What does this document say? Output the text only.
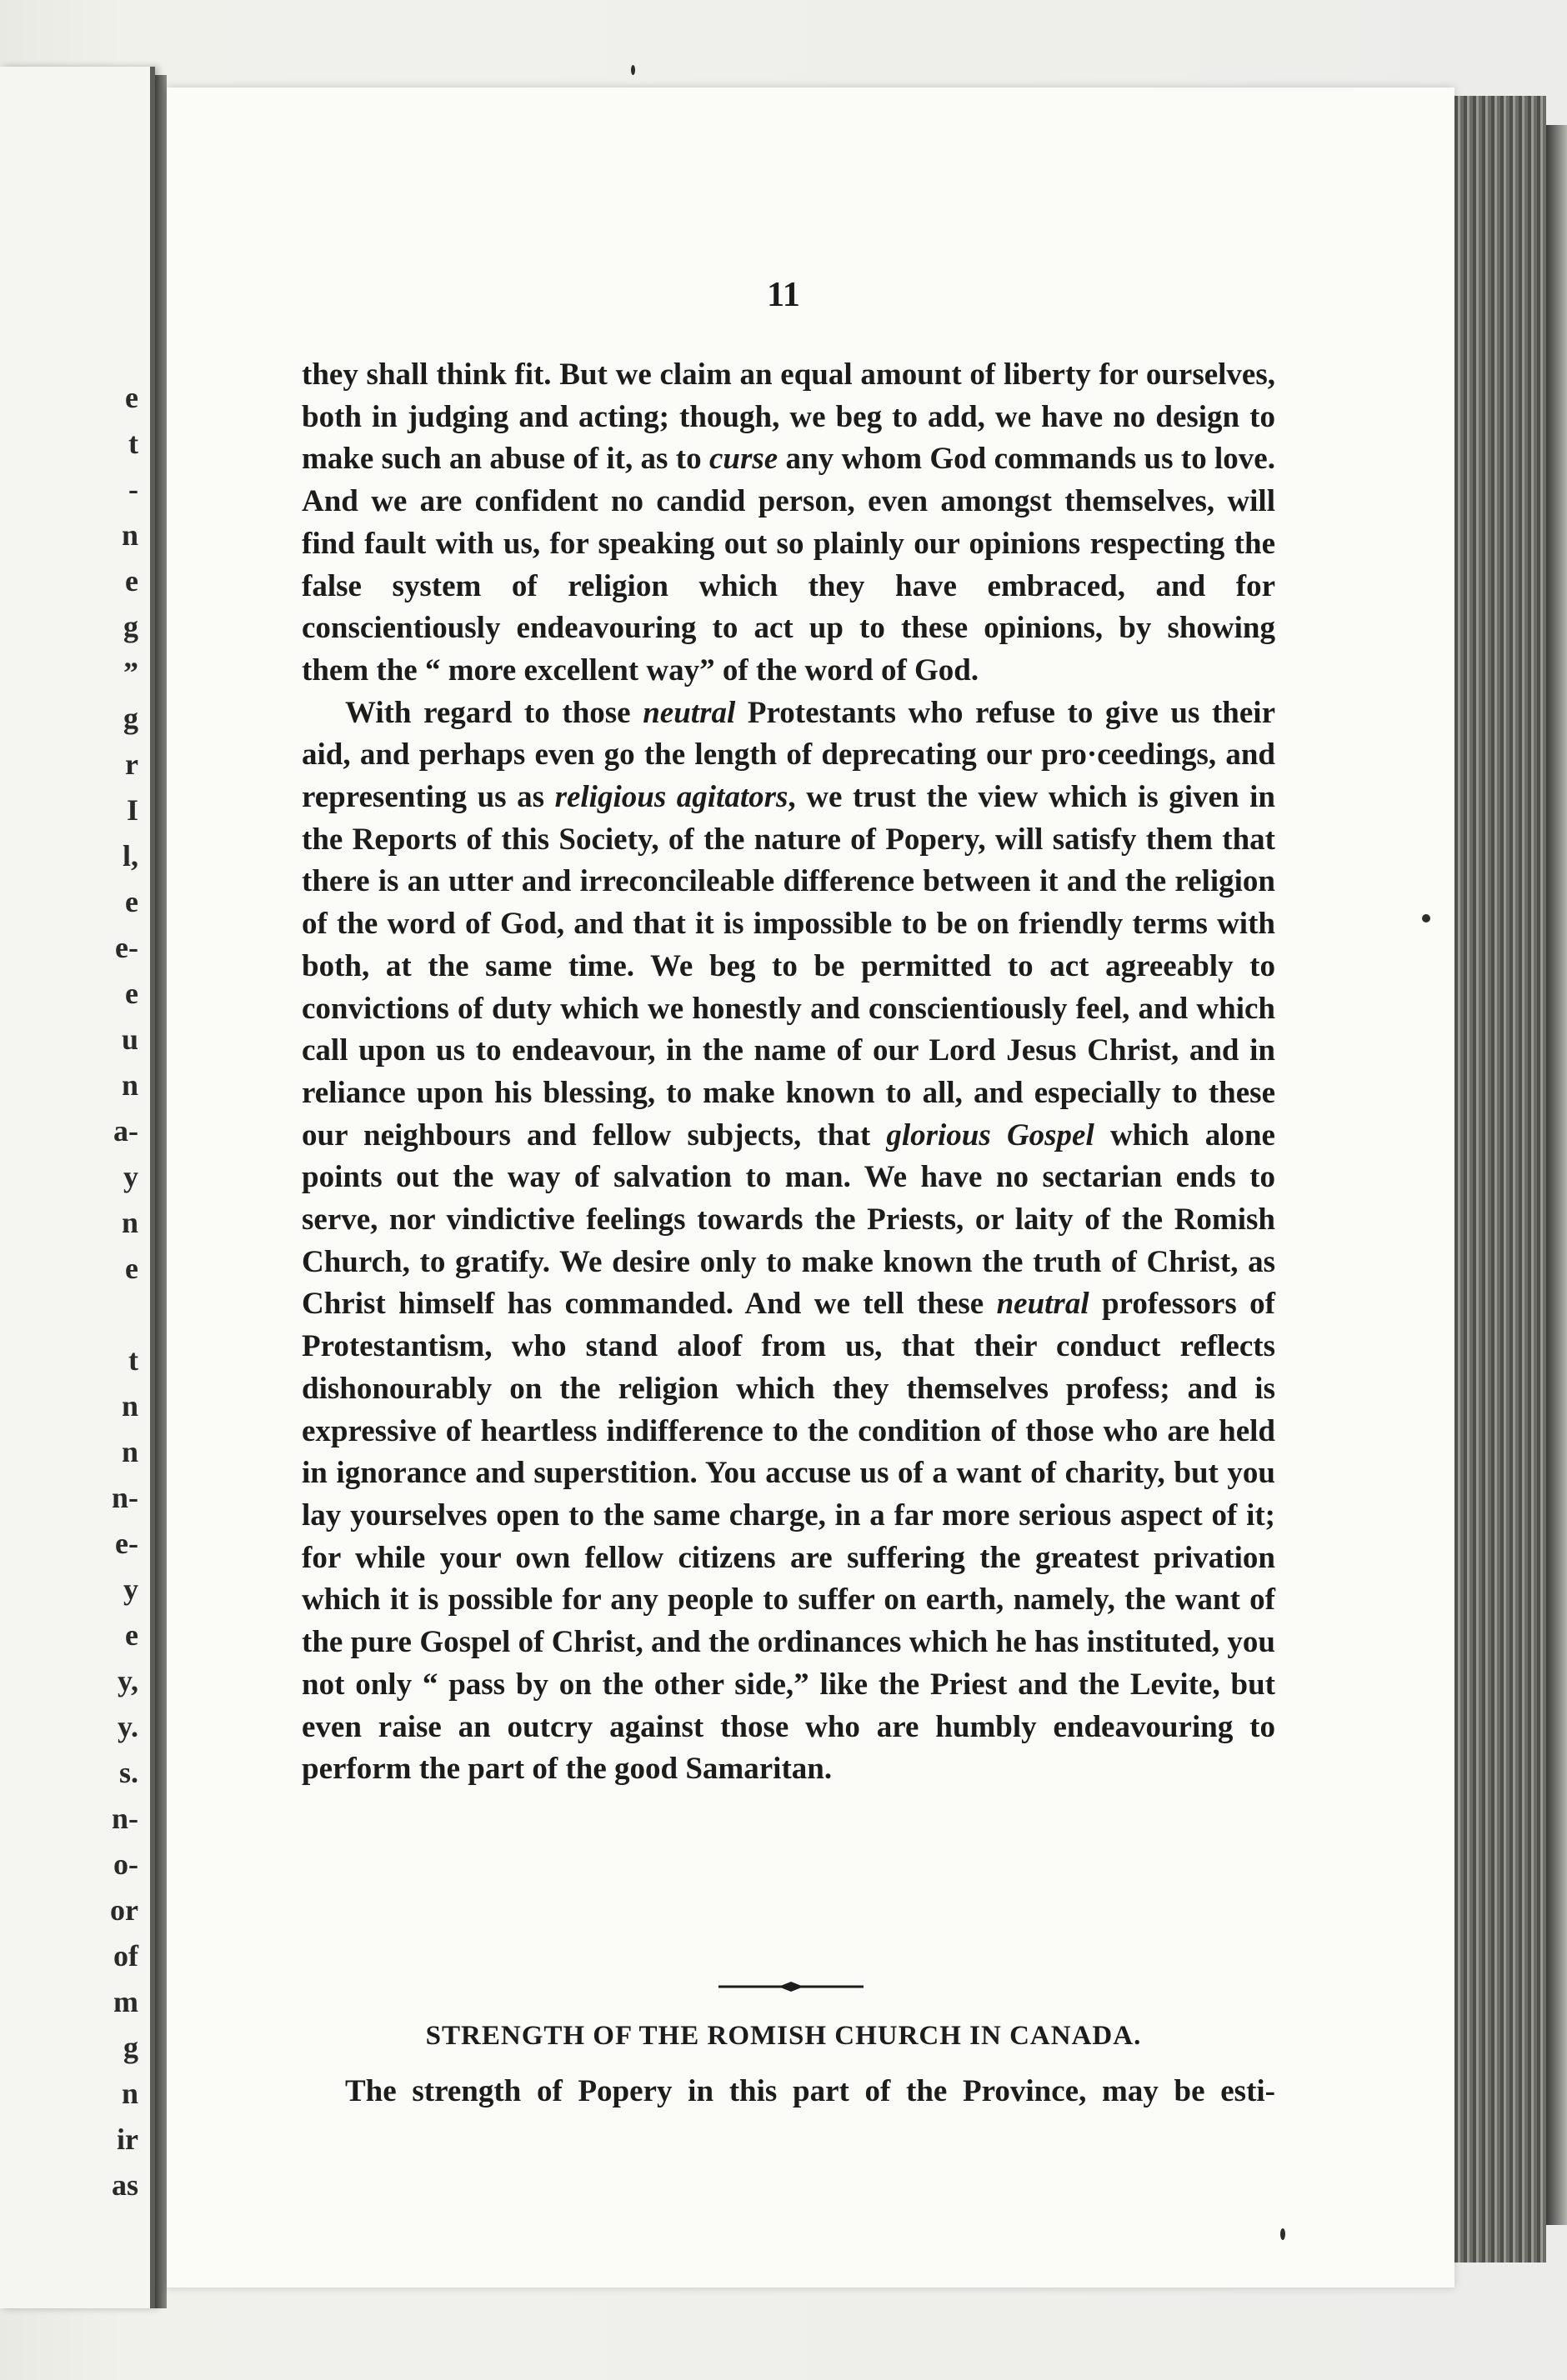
e
t
-
n
e
g
”
g
r
I
l,
e
e-
e
u
n
a-
y
n
e

t
n
n
n-
e-
y
e
y,
y.
s.
n-
o-
or
of
m
g
n
ir
as
11

they shall think fit. But we claim an equal amount of liberty for ourselves, both in judging and acting; though, we beg to add, we have no design to make such an abuse of it, as to curse any whom God commands us to love. And we are confident no candid person, even amongst themselves, will find fault with us, for speaking out so plainly our opinions respecting the false system of religion which they have embraced, and for conscientiously endeavouring to act up to these opinions, by showing them the “ more excellent way” of the word of God.

With regard to those neutral Protestants who refuse to give us their aid, and perhaps even go the length of deprecating our pro·ceedings, and representing us as religious agitators, we trust the view which is given in the Reports of this Society, of the nature of Popery, will satisfy them that there is an utter and irreconcileable difference between it and the religion of the word of God, and that it is impossible to be on friendly terms with both, at the same time. We beg to be permitted to act agreeably to convictions of duty which we honestly and conscientiously feel, and which call upon us to endeavour, in the name of our Lord Jesus Christ, and in reliance upon his blessing, to make known to all, and especially to these our neighbours and fellow subjects, that glorious Gospel which alone points out the way of salvation to man. We have no sectarian ends to serve, nor vindictive feelings towards the Priests, or laity of the Romish Church, to gratify. We desire only to make known the truth of Christ, as Christ himself has commanded. And we tell these neutral professors of Protestantism, who stand aloof from us, that their conduct reflects dishonourably on the religion which they themselves profess; and is expressive of heartless indifference to the condition of those who are held in ignorance and superstition. You accuse us of a want of charity, but you lay yourselves open to the same charge, in a far more serious aspect of it; for while your own fellow citizens are suffering the greatest privation which it is possible for any people to suffer on earth, namely, the want of the pure Gospel of Christ, and the ordinances which he has instituted, you not only “ pass by on the other side,” like the Priest and the Levite, but even raise an outcry against those who are humbly endeavouring to perform the part of the good Samaritan.

STRENGTH OF THE ROMISH CHURCH IN CANADA.
The strength of Popery in this part of the Province, may be esti-
